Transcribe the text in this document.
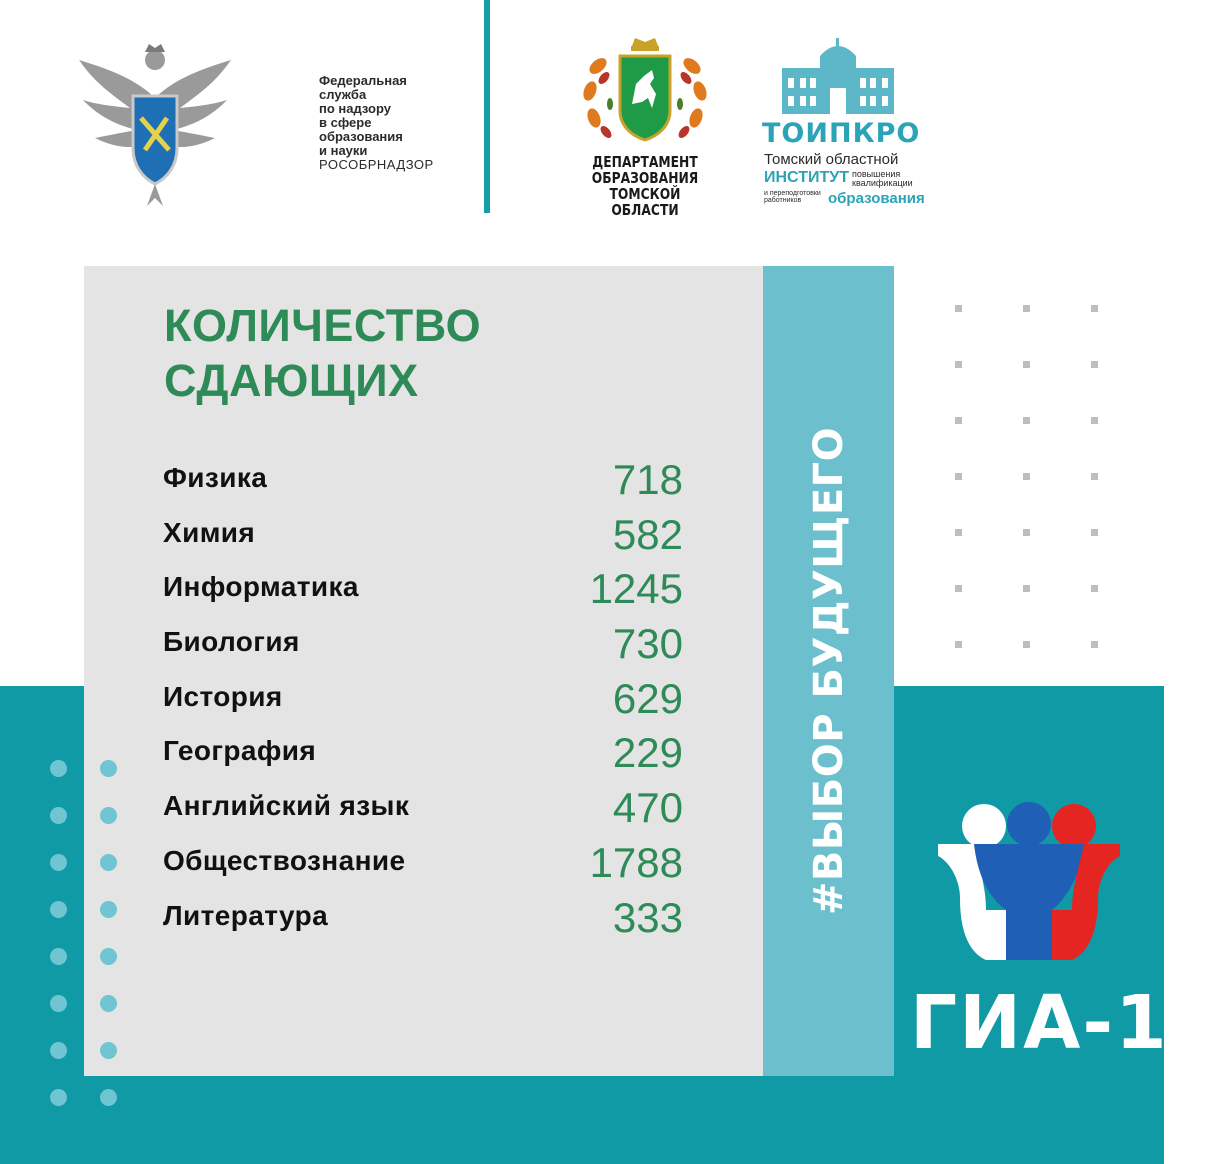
Федеральная
служба
по надзору
в сфере
образования
и науки
РОСОБРНАДЗОР	ДЕПАРТАМЕНТ
ОБРАЗОВАНИЯ
ТОМСКОЙ ОБЛАСТИ
ТОИПКРО
Томский областной
ИНСТИТУТ повышения
квалификации
и переподготовки
работников	образования
КОЛИЧЕСТВО
СДАЮЩИХ
Физика	718
Химия	582
Информатика	1245
Биология	730
История	629
География	229
Английский язык	470
Обществознание	1788
Литература	333
#ВЫБОР БУДУЩЕГО
ГИА-11
